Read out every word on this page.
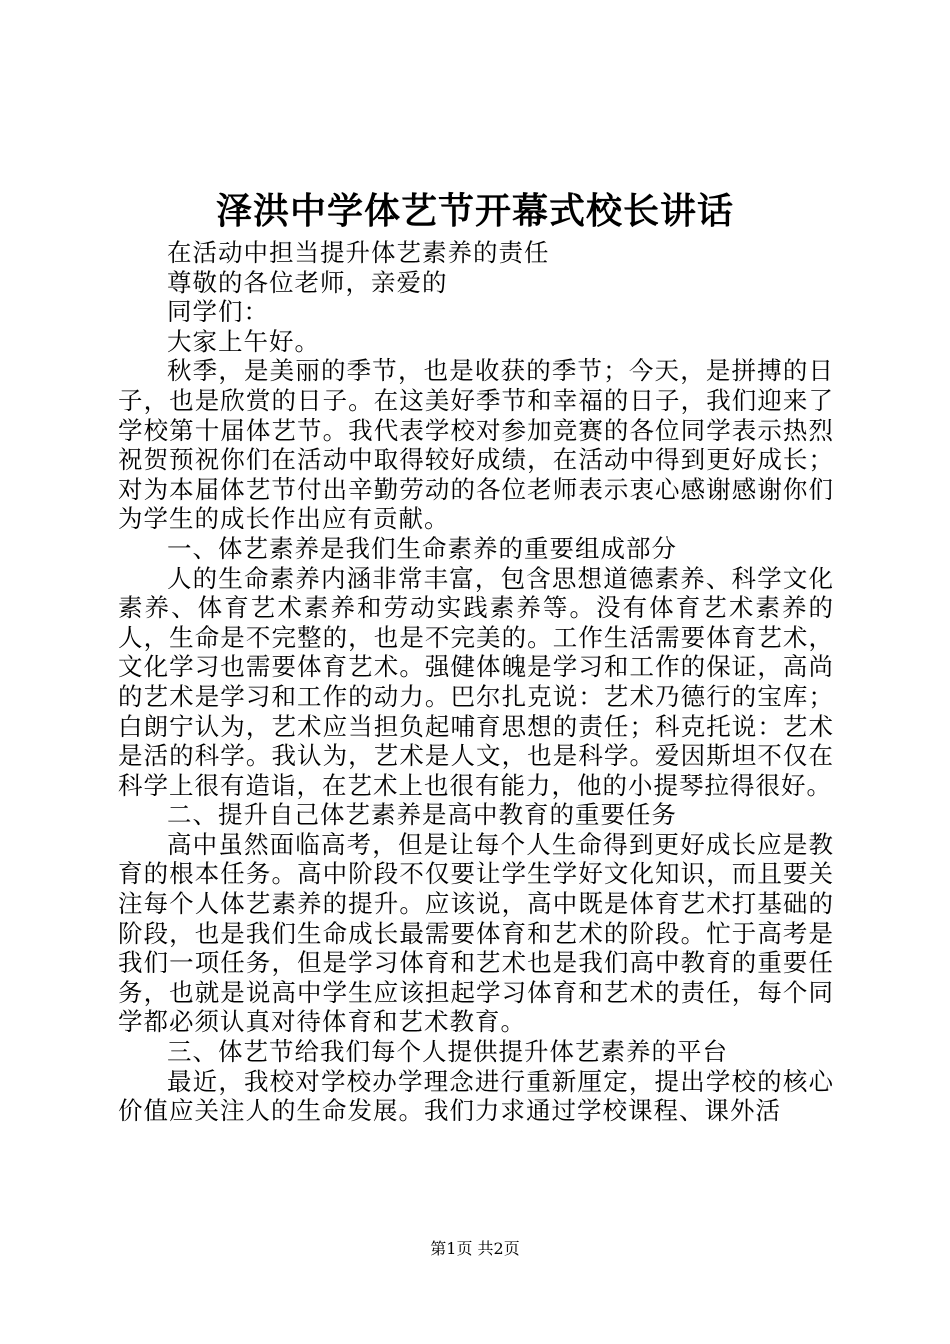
泽洪中学体艺节开幕式校长讲话

在活动中担当提升体艺素养的责任

尊敬的各位老师，亲爱的

同学们：

大家上午好。

秋季，是美丽的季节，也是收获的季节；今天，是拼搏的日子，也是欣赏的日子。在这美好季节和幸福的日子，我们迎来了学校第十届体艺节。我代表学校对参加竞赛的各位同学表示热烈祝贺预祝你们在活动中取得较好成绩，在活动中得到更好成长；对为本届体艺节付出辛勤劳动的各位老师表示衷心感谢感谢你们为学生的成长作出应有贡献。

一、体艺素养是我们生命素养的重要组成部分

人的生命素养内涵非常丰富，包含思想道德素养、科学文化素养、体育艺术素养和劳动实践素养等。没有体育艺术素养的人，生命是不完整的，也是不完美的。工作生活需要体育艺术，文化学习也需要体育艺术。强健体魄是学习和工作的保证，高尚的艺术是学习和工作的动力。巴尔扎克说：艺术乃德行的宝库；白朗宁认为，艺术应当担负起哺育思想的责任；科克托说：艺术是活的科学。我认为，艺术是人文，也是科学。爱因斯坦不仅在科学上很有造诣，在艺术上也很有能力，他的小提琴拉得很好。

二、提升自己体艺素养是高中教育的重要任务

高中虽然面临高考，但是让每个人生命得到更好成长应是教育的根本任务。高中阶段不仅要让学生学好文化知识，而且要关注每个人体艺素养的提升。应该说，高中既是体育艺术打基础的阶段，也是我们生命成长最需要体育和艺术的阶段。忙于高考是我们一项任务，但是学习体育和艺术也是我们高中教育的重要任务，也就是说高中学生应该担起学习体育和艺术的责任，每个同学都必须认真对待体育和艺术教育。

三、体艺节给我们每个人提供提升体艺素养的平台

最近，我校对学校办学理念进行重新厘定，提出学校的核心价值应关注人的生命发展。我们力求通过学校课程、课外活

第1页 共2页
